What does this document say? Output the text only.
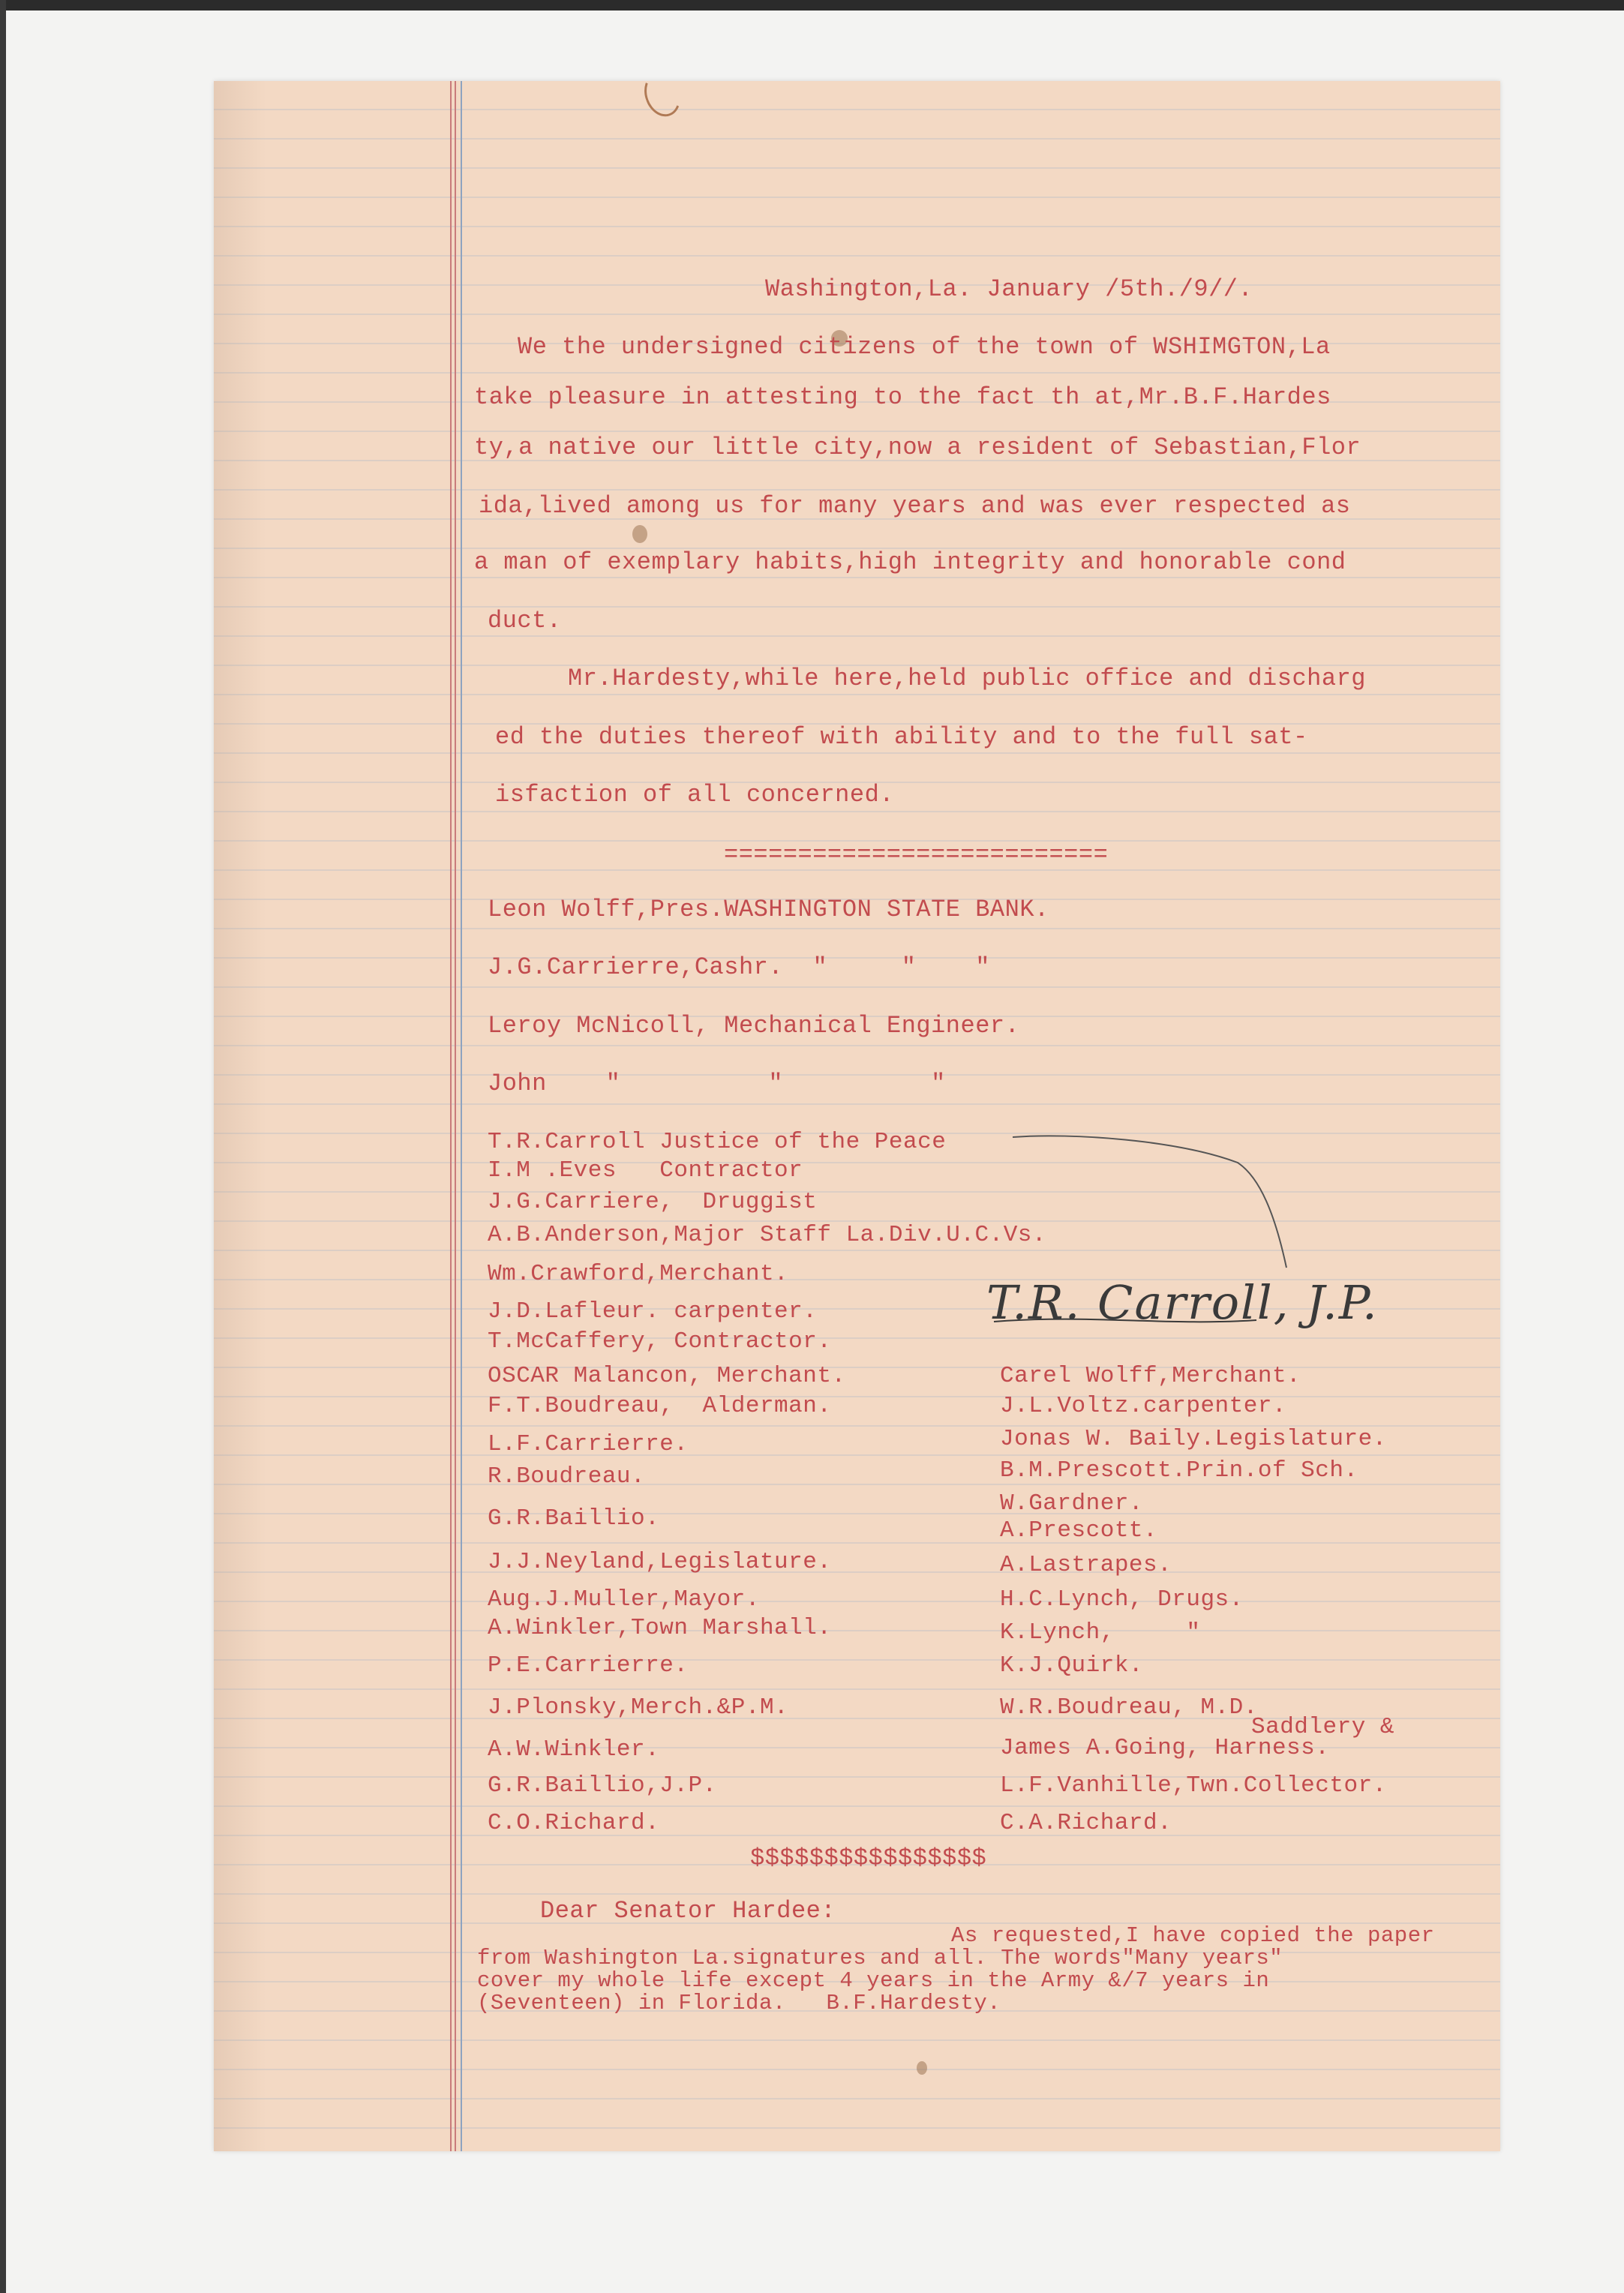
Washington,La. January /5th./9//.
We the undersigned citizens of the town of WSHIMGTON,La
take pleasure in attesting to the fact th at,Mr.B.F.Hardes
ty,a native our little city,now a resident of Sebastian,Flor
ida,lived among us for many years and was ever respected as
a man of exemplary habits,high integrity and honorable cond
duct.
Mr.Hardesty,while here,held public office and discharg
ed the duties thereof with ability and to the full sat-
isfaction of all concerned.
==========================
Leon Wolff,Pres.WASHINGTON STATE BANK.
J.G.Carrierre,Cashr.  "     "    "
Leroy McNicoll, Mechanical Engineer.
John    "          "          "
T.R.Carroll Justice of the Peace
I.M .Eves   Contractor
J.G.Carriere,  Druggist
A.B.Anderson,Major Staff La.Div.U.C.Vs.
Wm.Crawford,Merchant.
J.D.Lafleur. carpenter.
T.McCaffery, Contractor.
T.R. Carroll, J.P.
OSCAR Malancon, Merchant.
F.T.Boudreau,  Alderman.
L.F.Carrierre.
R.Boudreau.
G.R.Baillio.
J.J.Neyland,Legislature.
Aug.J.Muller,Mayor.
A.Winkler,Town Marshall.
P.E.Carrierre.
J.Plonsky,Merch.&P.M.
A.W.Winkler.
G.R.Baillio,J.P.
C.O.Richard.
Carel Wolff,Merchant.
J.L.Voltz.carpenter.
Jonas W. Baily.Legislature.
B.M.Prescott.Prin.of Sch.
W.Gardner.
A.Prescott.
A.Lastrapes.
H.C.Lynch, Drugs.
K.Lynch,     "
K.J.Quirk.
W.R.Boudreau, M.D.
Saddlery &
James A.Going, Harness.
L.F.Vanhille,Twn.Collector.
C.A.Richard.
$$$$$$$$$$$$$$$$
Dear Senator Hardee:
As requested,I have copied the paper
from Washington La.signatures and all. The words"Many years"
cover my whole life except 4 years in the Army &/7 years in
(Seventeen) in Florida.   B.F.Hardesty.
